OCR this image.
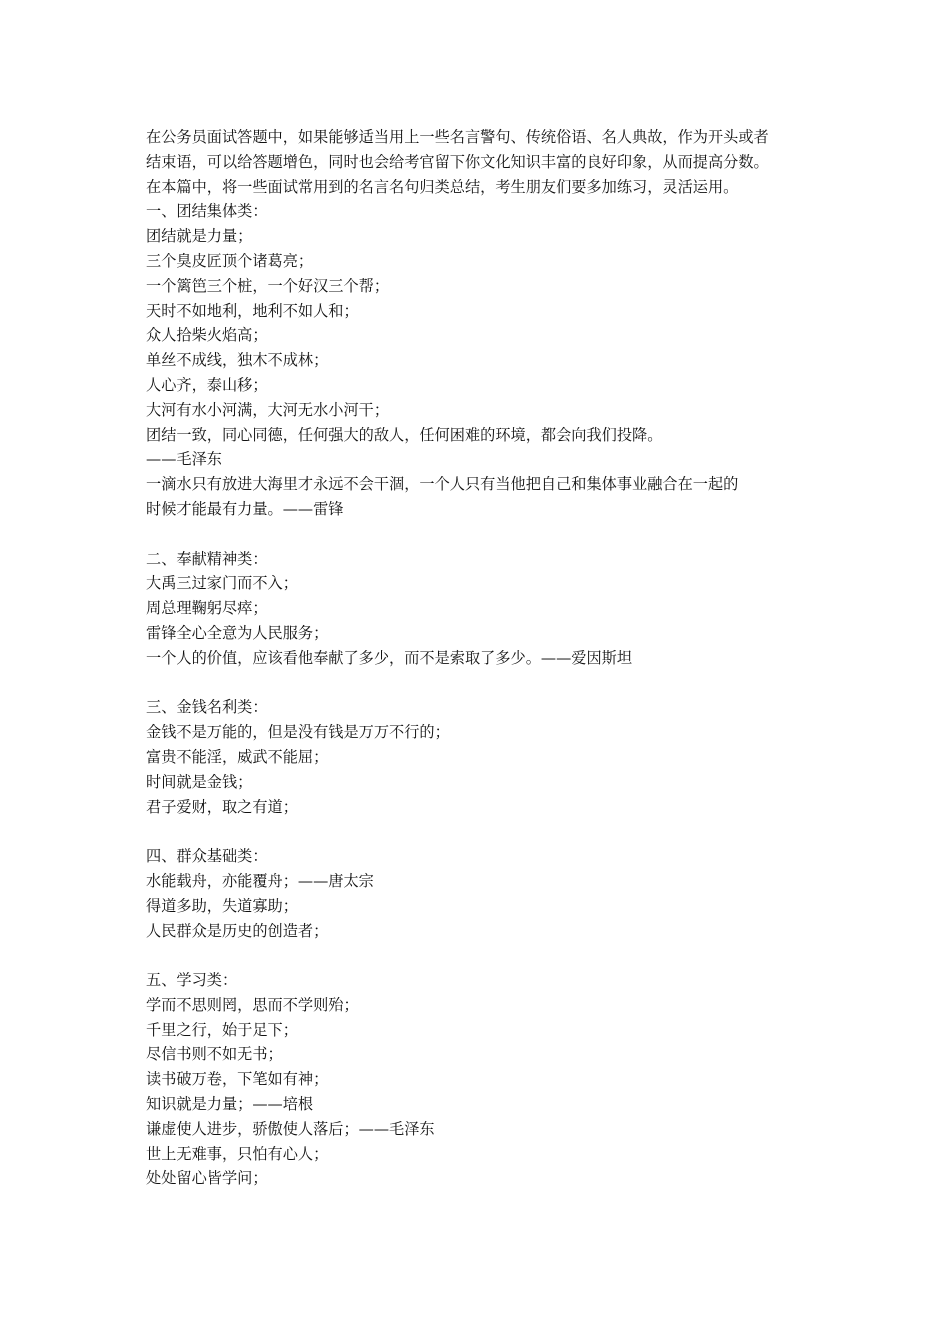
在公务员面试答题中，如果能够适当用上一些名言警句、传统俗语、名人典故，作为开头或者
结束语，可以给答题增色，同时也会给考官留下你文化知识丰富的良好印象，从而提高分数。
在本篇中，将一些面试常用到的名言名句归类总结，考生朋友们要多加练习，灵活运用。
一、团结集体类：
团结就是力量；
三个臭皮匠顶个诸葛亮；
一个篱笆三个桩，一个好汉三个帮；
天时不如地利，地利不如人和；
众人拾柴火焰高；
单丝不成线，独木不成林；
人心齐，泰山移；
大河有水小河满，大河无水小河干；
团结一致，同心同德，任何强大的敌人，任何困难的环境，都会向我们投降。
——毛泽东
一滴水只有放进大海里才永远不会干涸，一个人只有当他把自己和集体事业融合在一起的
时候才能最有力量。——雷锋
二、奉献精神类：
大禹三过家门而不入；
周总理鞠躬尽瘁；
雷锋全心全意为人民服务；
一个人的价值，应该看他奉献了多少，而不是索取了多少。——爱因斯坦
三、金钱名利类：
金钱不是万能的，但是没有钱是万万不行的；
富贵不能淫，威武不能屈；
时间就是金钱；
君子爱财，取之有道；
四、群众基础类：
水能载舟，亦能覆舟；——唐太宗
得道多助，失道寡助；
人民群众是历史的创造者；
五、学习类：
学而不思则罔，思而不学则殆；
千里之行，始于足下；
尽信书则不如无书；
读书破万卷，下笔如有神；
知识就是力量；——培根
谦虚使人进步，骄傲使人落后；——毛泽东
世上无难事，只怕有心人；
处处留心皆学问；
